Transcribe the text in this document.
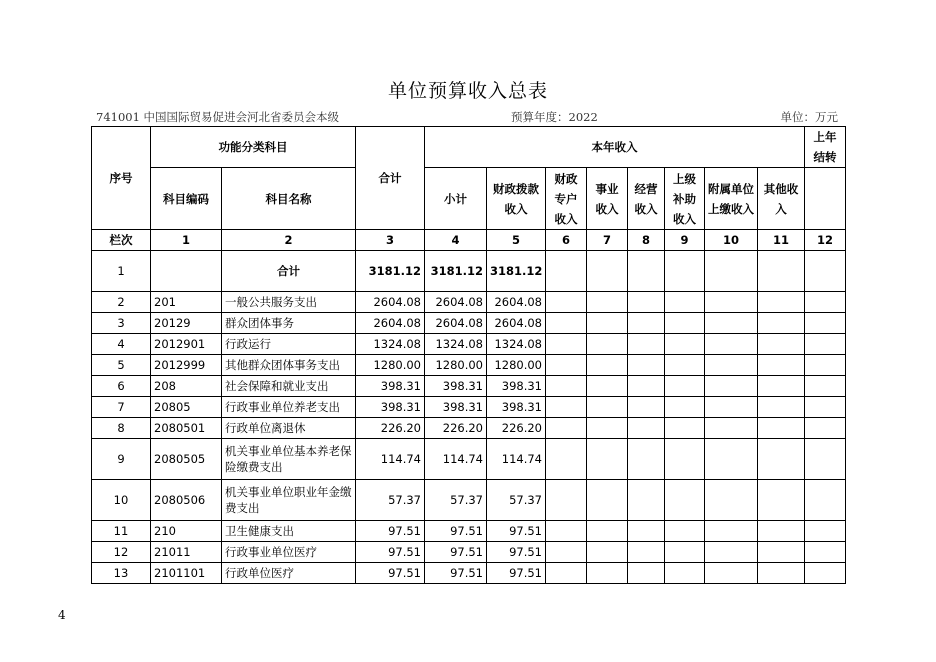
单位预算收入总表
741001 中国国际贸易促进会河北省委员会本级	预算年度：2022	单位：万元
序号	功能分类科目		合计	本年收入								上年结转
	科目编码	科目名称		小计	财政拨款 收入	财政专户收入	事业收入	经营收入	上级补助收入	附属单位上缴收入	其他收入	
栏次	1	2	3	4	5	6	7	8	9	10	11	12
1		合计	3181.12	3181.12	3181.12							
2	201	一般公共服务支出	2604.08	2604.08	2604.08							
3	20129	群众团体事务	2604.08	2604.08	2604.08							
4	2012901	行政运行	1324.08	1324.08	1324.08							
5	2012999	其他群众团体事务支出	1280.00	1280.00	1280.00							
6	208	社会保障和就业支出	398.31	398.31	398.31							
7	20805	行政事业单位养老支出	398.31	398.31	398.31							
8	2080501	行政单位离退休	226.20	226.20	226.20							
9	2080505	机关事业单位基本养老保险缴费支出	114.74	114.74	114.74							
10	2080506	机关事业单位职业年金缴费支出	57.37	57.37	57.37							
11	210	卫生健康支出	97.51	97.51	97.51							
12	21011	行政事业单位医疗	97.51	97.51	97.51							
13	2101101	行政单位医疗	97.51	97.51	97.51							
4
